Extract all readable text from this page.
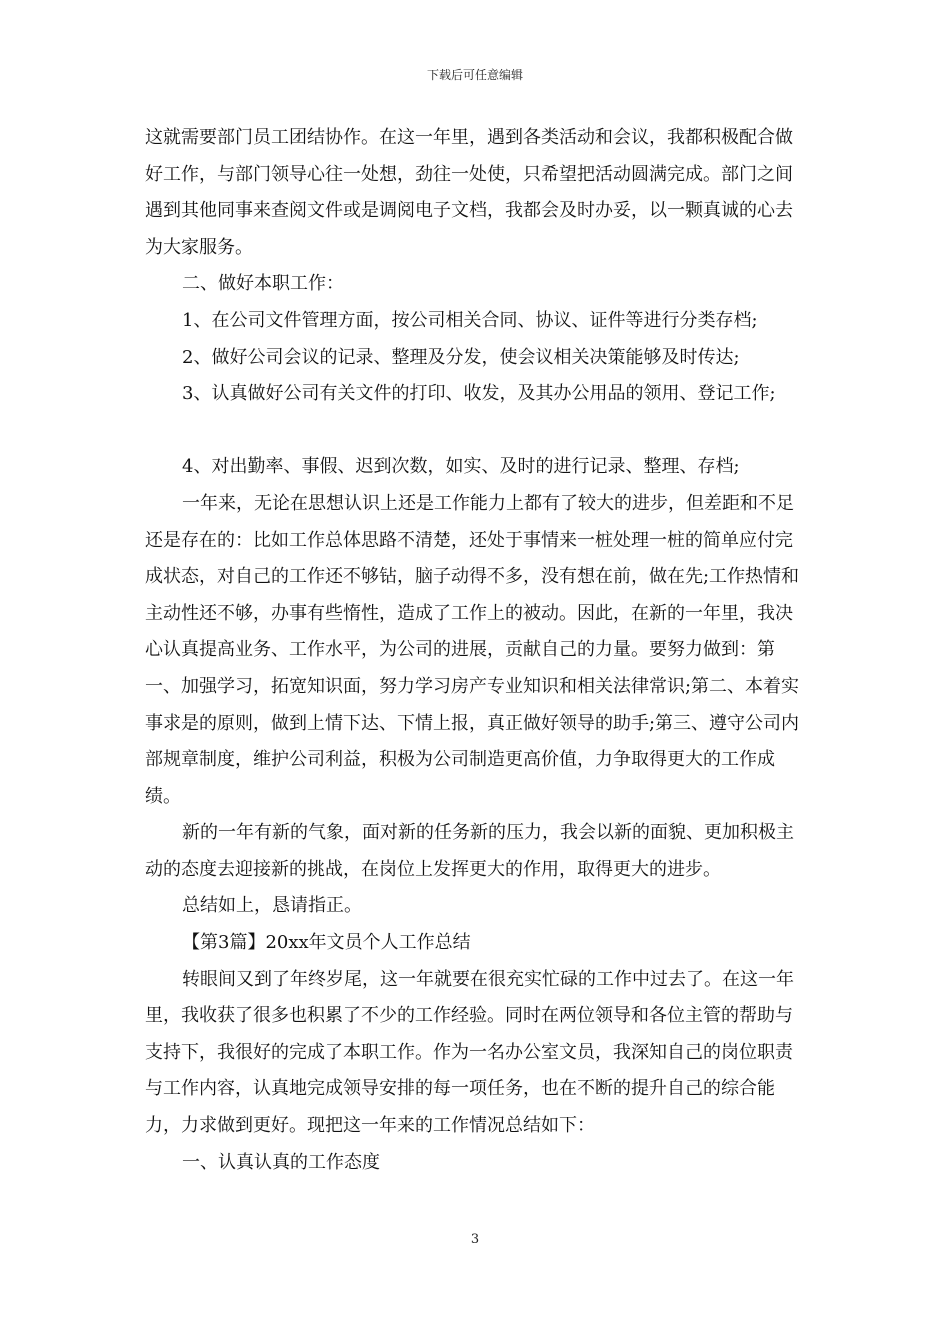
下载后可任意编辑

这就需要部门员工团结协作。在这一年里，遇到各类活动和会议，我都积极配合做好工作，与部门领导心往一处想，劲往一处使，只希望把活动圆满完成。部门之间遇到其他同事来查阅文件或是调阅电子文档，我都会及时办妥，以一颗真诚的心去为大家服务。

二、做好本职工作：

1、在公司文件管理方面，按公司相关合同、协议、证件等进行分类存档;

2、做好公司会议的记录、整理及分发，使会议相关决策能够及时传达;

3、认真做好公司有关文件的打印、收发，及其办公用品的领用、登记工作;

4、对出勤率、事假、迟到次数，如实、及时的进行记录、整理、存档;

一年来，无论在思想认识上还是工作能力上都有了较大的进步，但差距和不足还是存在的：比如工作总体思路不清楚，还处于事情来一桩处理一桩的简单应付完成状态，对自己的工作还不够钻，脑子动得不多，没有想在前，做在先;工作热情和主动性还不够，办事有些惰性，造成了工作上的被动。因此，在新的一年里，我决心认真提高业务、工作水平，为公司的进展，贡献自己的力量。要努力做到：第一、加强学习，拓宽知识面，努力学习房产专业知识和相关法律常识;第二、本着实事求是的原则，做到上情下达、下情上报，真正做好领导的助手;第三、遵守公司内部规章制度，维护公司利益，积极为公司制造更高价值，力争取得更大的工作成绩。

新的一年有新的气象，面对新的任务新的压力，我会以新的面貌、更加积极主动的态度去迎接新的挑战，在岗位上发挥更大的作用，取得更大的进步。

总结如上，恳请指正。

【第3篇】20xx年文员个人工作总结

转眼间又到了年终岁尾，这一年就要在很充实忙碌的工作中过去了。在这一年里，我收获了很多也积累了不少的工作经验。同时在两位领导和各位主管的帮助与支持下，我很好的完成了本职工作。作为一名办公室文员，我深知自己的岗位职责与工作内容，认真地完成领导安排的每一项任务，也在不断的提升自己的综合能力，力求做到更好。现把这一年来的工作情况总结如下：

一、认真认真的工作态度

3
